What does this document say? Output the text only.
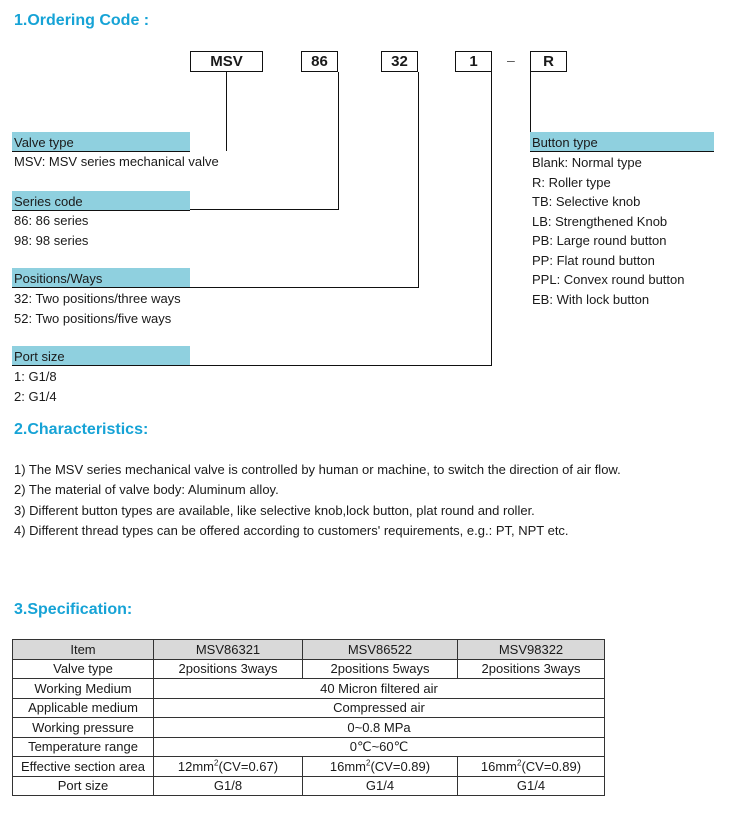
1.Ordering Code :
MSV	86	32	1	–	R
Valve type
MSV: MSV series mechanical valve
Series code
86: 86 series
98: 98 series
Positions/Ways
32: Two positions/three ways
52: Two positions/five ways
Port size
1: G1/8
2: G1/4
Button type
Blank: Normal type
R: Roller type
TB: Selective knob
LB: Strengthened Knob
PB: Large round button
PP: Flat round button
PPL: Convex round button
EB: With lock button
2.Characteristics:
1) The MSV series mechanical valve is controlled by human or machine, to switch the direction of air flow.
2) The material of valve body: Aluminum alloy.
3) Different button types are available, like selective knob,lock button, plat round and roller.
4) Different thread types can be offered according to customers' requirements, e.g.: PT, NPT etc.
3.Specification:
Item	MSV86321	MSV86522	MSV98322
Valve type	2positions 3ways	2positions 5ways	2positions 3ways
Working Medium	40 Micron filtered air		
Applicable medium	Compressed air		
Working pressure	0~0.8 MPa		
Temperature range	0℃~60℃		
Effective section area	$12mm^2(CV=0.67)$	$16mm^2(CV=0.89)$	$16mm^2(CV=0.89)$
Port size	G1/8	G1/4	G1/4
